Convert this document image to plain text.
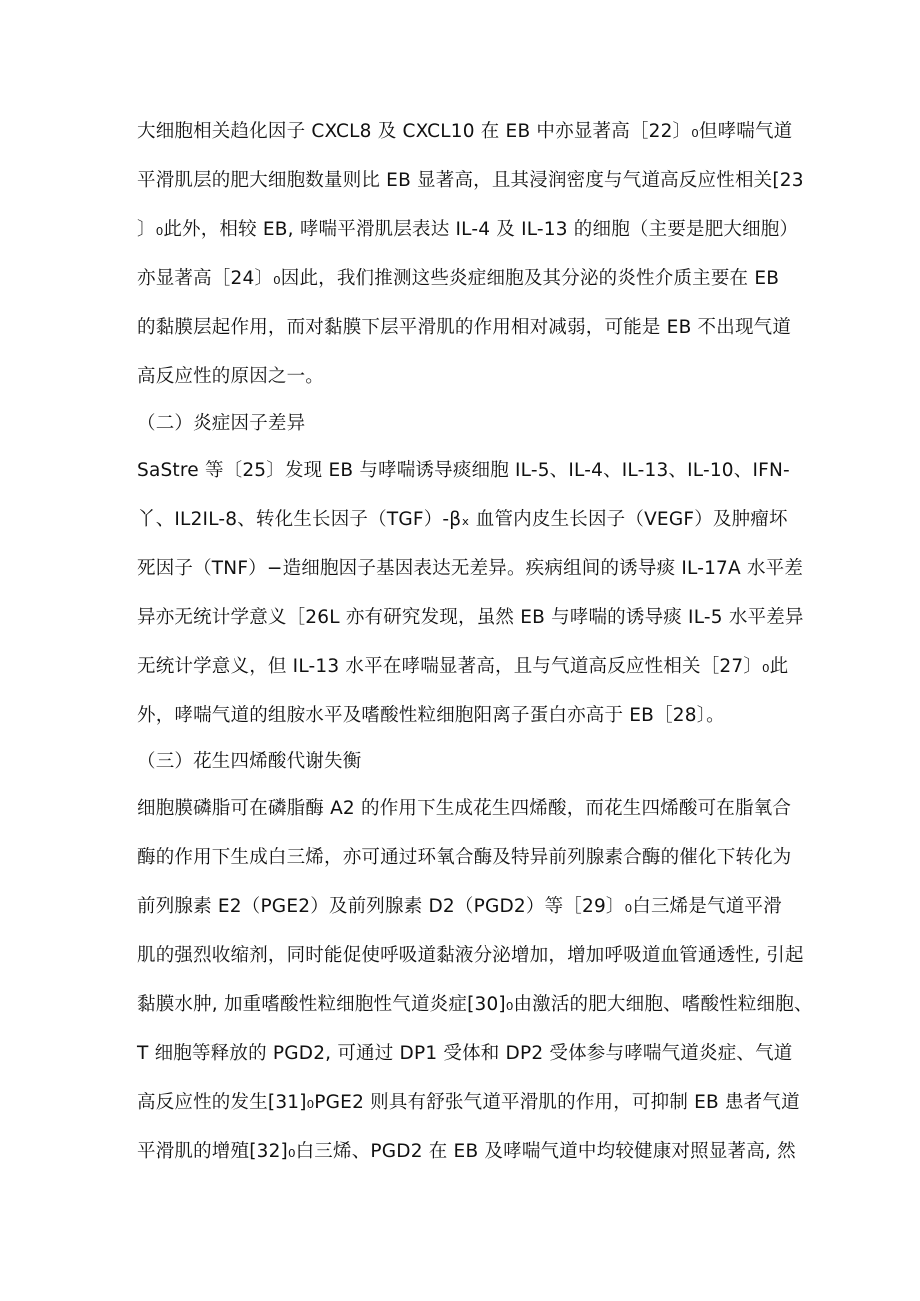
大细胞相关趋化因子 CXCL8 及 CXCL10 在 EB 中亦显著高［22〕₀但哮喘气道
平滑肌层的肥大细胞数量则比 EB 显著高，且其浸润密度与气道高反应性相关[23
〕₀此外，相较 EB, 哮喘平滑肌层表达 IL-4 及 IL-13 的细胞（主要是肥大细胞）
亦显著高［24〕₀因此，我们推测这些炎症细胞及其分泌的炎性介质主要在 EB
的黏膜层起作用，而对黏膜下层平滑肌的作用相对减弱，可能是 EB 不出现气道
高反应性的原因之一。
（二）炎症因子差异
SaStre 等〔25〕发现 EB 与哮喘诱导痰细胞 IL-5、IL-4、IL-13、IL-10、IFN-
丫、IL2IL-8、转化生长因子（TGF）-βₓ 血管内皮生长因子（VEGF）及肿瘤坏
死因子（TNF）−造细胞因子基因表达无差异。疾病组间的诱导痰 IL-17A 水平差
异亦无统计学意义［26L 亦有研究发现，虽然 EB 与哮喘的诱导痰 IL-5 水平差异
无统计学意义，但 IL-13 水平在哮喘显著高，且与气道高反应性相关［27〕₀此
外，哮喘气道的组胺水平及嗜酸性粒细胞阳离子蛋白亦高于 EB［28〕。
（三）花生四烯酸代谢失衡
细胞膜磷脂可在磷脂酶 A2 的作用下生成花生四烯酸，而花生四烯酸可在脂氧合
酶的作用下生成白三烯，亦可通过环氧合酶及特异前列腺素合酶的催化下转化为
前列腺素 E2（PGE2）及前列腺素 D2（PGD2）等［29〕₀白三烯是气道平滑
肌的强烈收缩剂，同时能促使呼吸道黏液分泌增加，增加呼吸道血管通透性, 引起
黏膜水肿, 加重嗜酸性粒细胞性气道炎症[30]₀由激活的肥大细胞、嗜酸性粒细胞、
T 细胞等释放的 PGD2, 可通过 DP1 受体和 DP2 受体参与哮喘气道炎症、气道
高反应性的发生[31]₀PGE2 则具有舒张气道平滑肌的作用，可抑制 EB 患者气道
平滑肌的增殖[32]₀白三烯、PGD2 在 EB 及哮喘气道中均较健康对照显著高, 然
